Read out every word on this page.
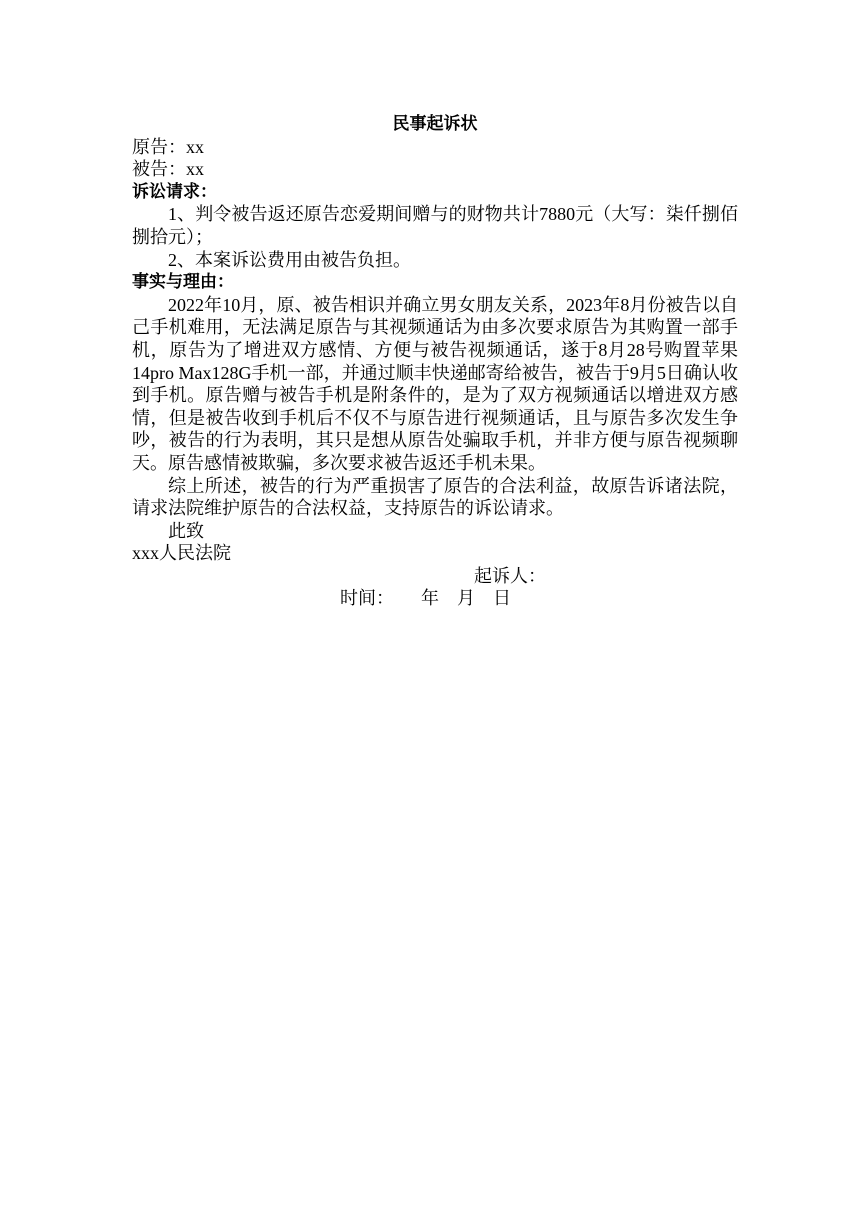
民事起诉状

原告：xx

被告：xx

诉讼请求：

1、判令被告返还原告恋爱期间赠与的财物共计7880元（大写：柒仟捌佰捌拾元）；

2、本案诉讼费用由被告负担。

事实与理由：

2022年10月，原、被告相识并确立男女朋友关系，2023年8月份被告以自己手机难用，无法满足原告与其视频通话为由多次要求原告为其购置一部手机，原告为了增进双方感情、方便与被告视频通话，遂于8月28号购置苹果14pro Max128G手机一部，并通过顺丰快递邮寄给被告，被告于9月5日确认收到手机。原告赠与被告手机是附条件的，是为了双方视频通话以增进双方感情，但是被告收到手机后不仅不与原告进行视频通话，且与原告多次发生争吵，被告的行为表明，其只是想从原告处骗取手机，并非方便与原告视频聊天。原告感情被欺骗，多次要求被告返还手机未果。

综上所述，被告的行为严重损害了原告的合法利益，故原告诉诸法院，请求法院维护原告的合法权益，支持原告的诉讼请求。

此致

xxx人民法院

起诉人：

时间：      年    月    日
